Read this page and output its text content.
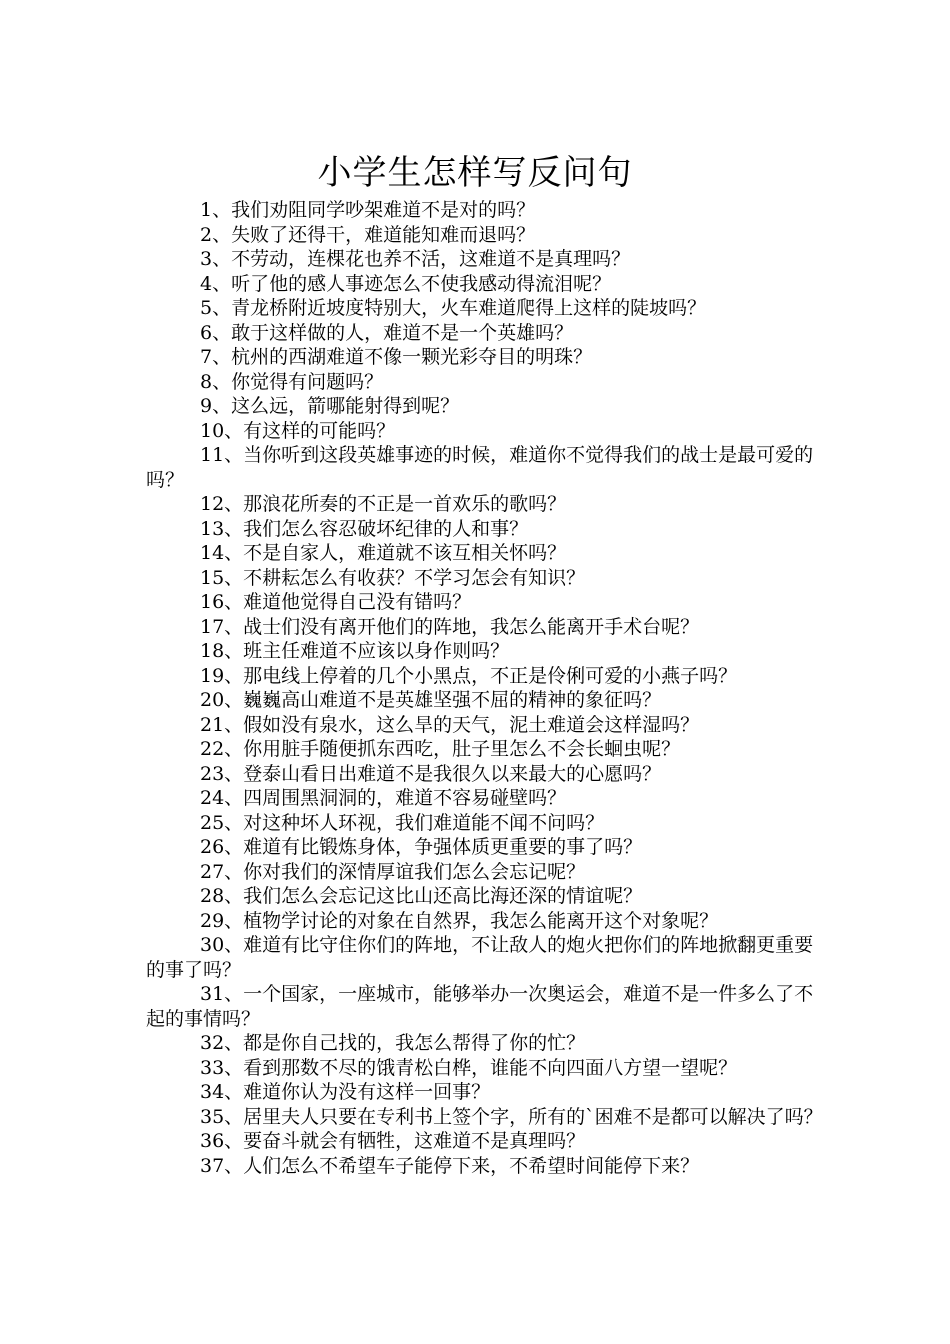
小学生怎样写反问句
1、我们劝阻同学吵架难道不是对的吗？
2、失败了还得干，难道能知难而退吗？
3、不劳动，连棵花也养不活，这难道不是真理吗？
4、听了他的感人事迹怎么不使我感动得流泪呢？
5、青龙桥附近坡度特别大，火车难道爬得上这样的陡坡吗？
6、敢于这样做的人，难道不是一个英雄吗？
7、杭州的西湖难道不像一颗光彩夺目的明珠？
8、你觉得有问题吗？
9、这么远，箭哪能射得到呢？
10、有这样的可能吗？
11、当你听到这段英雄事迹的时候，难道你不觉得我们的战士是最可爱的吗？
12、那浪花所奏的不正是一首欢乐的歌吗？
13、我们怎么容忍破坏纪律的人和事？
14、不是自家人，难道就不该互相关怀吗？
15、不耕耘怎么有收获？不学习怎会有知识？
16、难道他觉得自己没有错吗？
17、战士们没有离开他们的阵地，我怎么能离开手术台呢？
18、班主任难道不应该以身作则吗？
19、那电线上停着的几个小黑点，不正是伶俐可爱的小燕子吗？
20、巍巍高山难道不是英雄坚强不屈的精神的象征吗？
21、假如没有泉水，这么旱的天气，泥土难道会这样湿吗？
22、你用脏手随便抓东西吃，肚子里怎么不会长蛔虫呢？
23、登泰山看日出难道不是我很久以来最大的心愿吗？
24、四周围黑洞洞的，难道不容易碰壁吗？
25、对这种坏人环视，我们难道能不闻不问吗？
26、难道有比锻炼身体，争强体质更重要的事了吗？
27、你对我们的深情厚谊我们怎么会忘记呢？
28、我们怎么会忘记这比山还高比海还深的情谊呢？
29、植物学讨论的对象在自然界，我怎么能离开这个对象呢？
30、难道有比守住你们的阵地，不让敌人的炮火把你们的阵地掀翻更重要的事了吗？
31、一个国家，一座城市，能够举办一次奥运会，难道不是一件多么了不起的事情吗？
32、都是你自己找的，我怎么帮得了你的忙？
33、看到那数不尽的饿青松白桦，谁能不向四面八方望一望呢？
34、难道你认为没有这样一回事？
35、居里夫人只要在专利书上签个字，所有的`困难不是都可以解决了吗？
36、要奋斗就会有牺牲，这难道不是真理吗？
37、人们怎么不希望车子能停下来，不希望时间能停下来？
